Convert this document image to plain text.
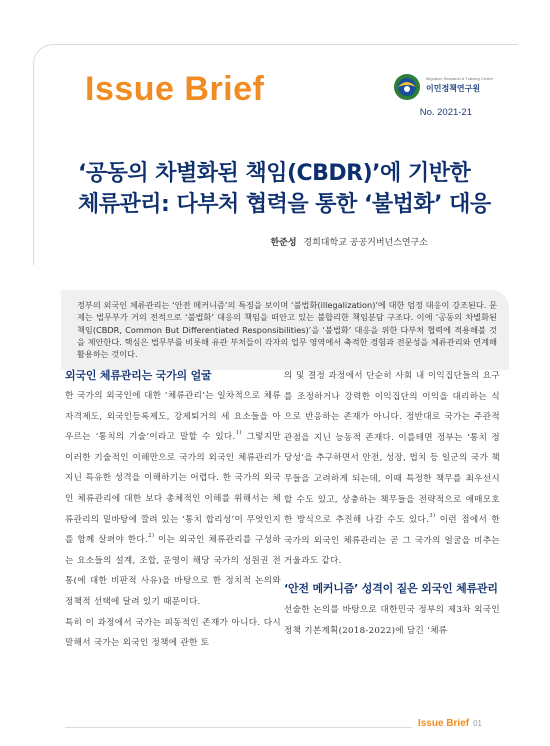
Issue Brief	Migration Research & Training Centre
이민정책연구원
No. 2021-21
‘공동의 차별화된 책임(CBDR)’에 기반한
체류관리: 다부처 협력을 통한 ‘불법화’ 대응
한준성 경희대학교 공공거버넌스연구소
정부의 외국인 체류관리는 ‘안전 메커니즘’의 특징을 보이며 ‘불법화(illegalization)’에 대한 엄정 대응이 강조된다. 문제는 법무부가 거의 전적으로 ‘불법화’ 대응의 책임을 떠안고 있는 불합리한 책임분담 구조다. 이에 ‘공동의 차별화된 책임(CBDR, Common But Differentiated Responsibilities)’을 ‘불법화’ 대응을 위한 다부처 협력에 적용해볼 것을 제안한다. 핵심은 법무부를 비롯해 유관 부처들이 각자의 업무 영역에서 축적한 경험과 전문성을 체류관리와 연계해 활용하는 것이다.
외국인 체류관리는 국가의 얼굴

한 국가의 외국인에 대한 ‘체류관리’는 일차적으로 체류자격제도, 외국인등록제도, 강제퇴거의 세 요소들을 아우르는 ‘통치의 기술’이라고 말할 수 있다.$^{1)}$ 그렇지만 이러한 기술적인 이해만으로 국가의 외국인 체류관리가 지닌 특유한 성격을 이해하기는 어렵다. 한 국가의 외국인 체류관리에 대한 보다 총체적인 이해를 위해서는 체류관리의 밑바탕에 깔려 있는 ‘통치 합리성’이 무엇인지를 함께 살펴야 한다.$^{2)}$ 이는 외국인 체류관리를 구성하는 요소들의 설계, 조합, 운영이 해당 국가의 성원권 전통(에 대한 비판적 사유)을 바탕으로 한 정치적 논의와 정책적 선택에 달려 있기 때문이다.

특히 이 과정에서 국가는 피동적인 존재가 아니다. 다시 말해서 국가는 외국인 정책에 관한 토

의 및 결정 과정에서 단순히 사회 내 이익집단들의 요구를 조정하거나 강력한 이익집단의 이익을 대리하는 식으로 반응하는 존재가 아니다. 정반대로 국가는 주관적 관점을 지닌 능동적 존재다. 이를테면 정부는 ‘통치 정당성’을 추구하면서 안전, 성장, 법치 등 일군의 국가 책무들을 고려하게 되는데, 이때 특정한 책무를 최우선시할 수도 있고, 상충하는 책무들을 전략적으로 애매모호한 방식으로 추진해 나갈 수도 있다.$^{3)}$ 이런 점에서 한 국가의 외국인 체류관리는 곧 그 국가의 얼굴을 비추는 거울과도 같다.

‘안전 메커니즘’ 성격이 짙은 외국인 체류관리

선술한 논의를 바탕으로 대한민국 정부의 제3차 외국인정책 기본계획(2018-2022)에 담긴 ‘체류

Issue Brief 01
